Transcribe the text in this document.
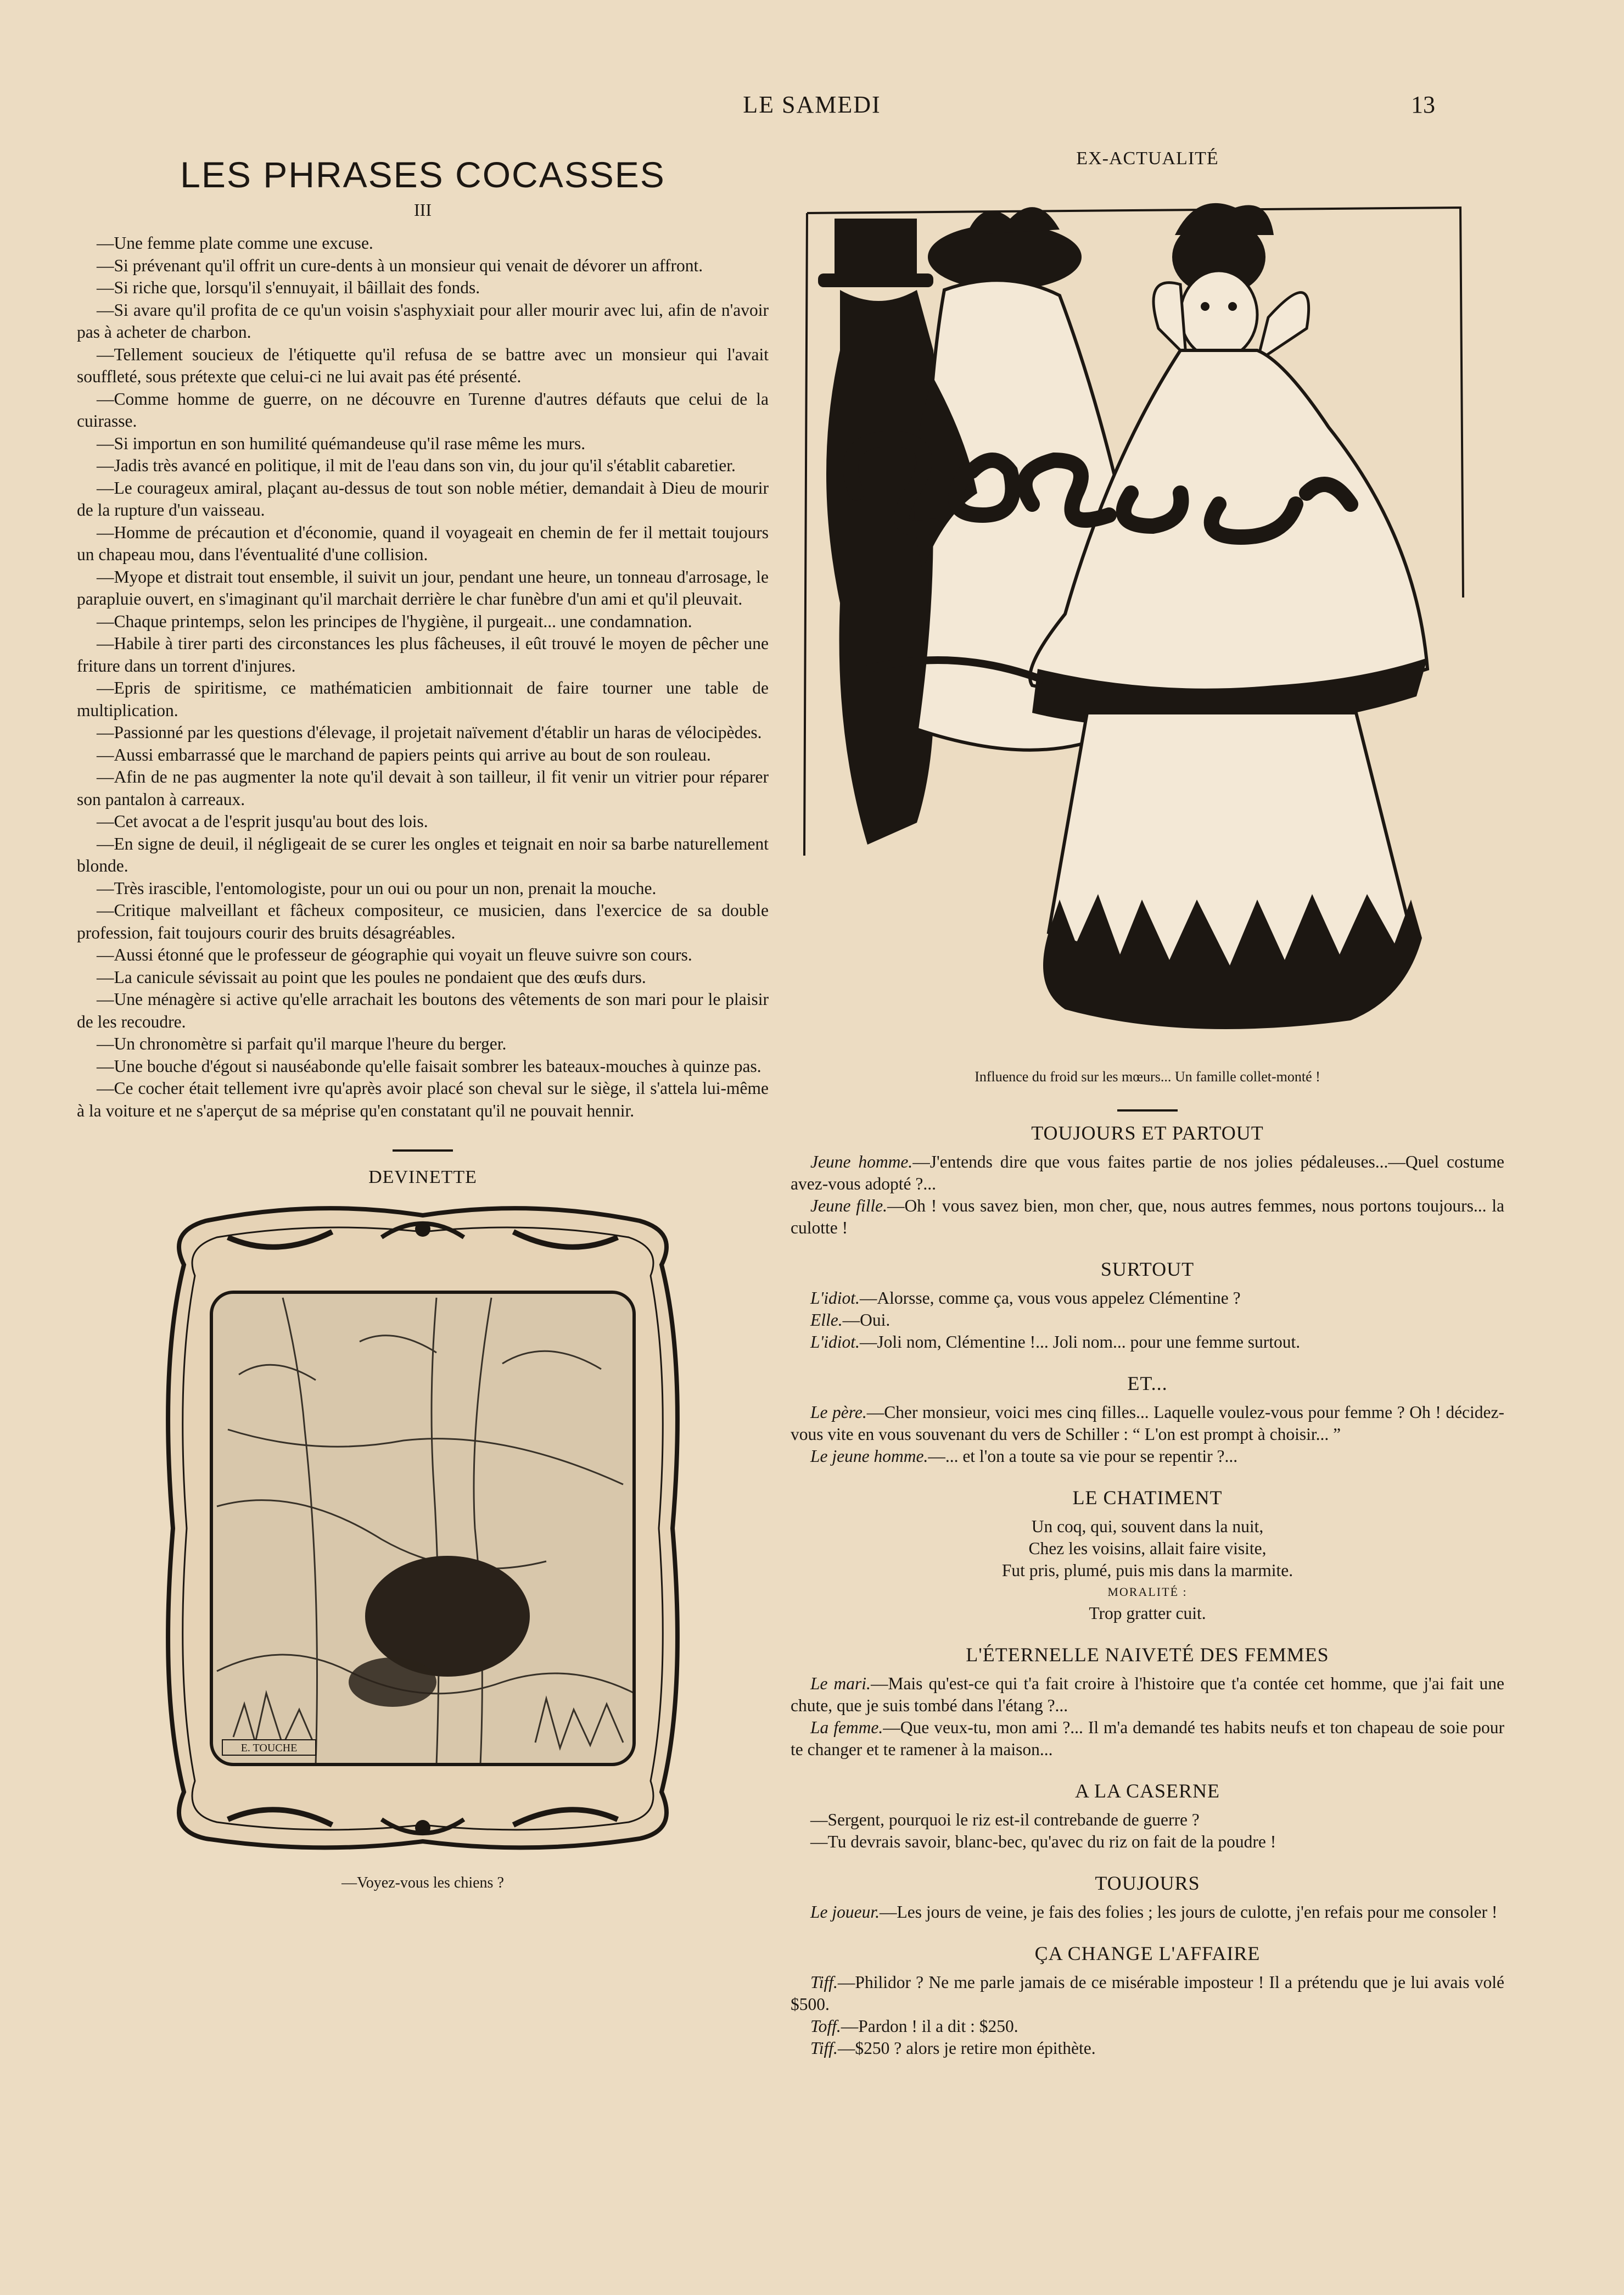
LE SAMEDI	13
LES PHRASES COCASSES
III

—Une femme plate comme une excuse.

—Si prévenant qu'il offrit un cure-dents à un monsieur qui venait de dévorer un affront.

—Si riche que, lorsqu'il s'ennuyait, il bâillait des fonds.

—Si avare qu'il profita de ce qu'un voisin s'asphyxiait pour aller mourir avec lui, afin de n'avoir pas à acheter de charbon.

—Tellement soucieux de l'étiquette qu'il refusa de se battre avec un monsieur qui l'avait souffleté, sous prétexte que celui-ci ne lui avait pas été présenté.

—Comme homme de guerre, on ne découvre en Turenne d'autres défauts que celui de la cuirasse.

—Si importun en son humilité quémandeuse qu'il rase même les murs.

—Jadis très avancé en politique, il mit de l'eau dans son vin, du jour qu'il s'établit cabaretier.

—Le courageux amiral, plaçant au-dessus de tout son noble métier, demandait à Dieu de mourir de la rupture d'un vaisseau.

—Homme de précaution et d'économie, quand il voyageait en chemin de fer il mettait toujours un chapeau mou, dans l'éventualité d'une collision.

—Myope et distrait tout ensemble, il suivit un jour, pendant une heure, un tonneau d'arrosage, le parapluie ouvert, en s'imaginant qu'il marchait derrière le char funèbre d'un ami et qu'il pleuvait.

—Chaque printemps, selon les principes de l'hygiène, il purgeait... une condamnation.

—Habile à tirer parti des circonstances les plus fâcheuses, il eût trouvé le moyen de pêcher une friture dans un torrent d'injures.

—Epris de spiritisme, ce mathématicien ambitionnait de faire tourner une table de multiplication.

—Passionné par les questions d'élevage, il projetait naïvement d'établir un haras de vélocipèdes.

—Aussi embarrassé que le marchand de papiers peints qui arrive au bout de son rouleau.

—Afin de ne pas augmenter la note qu'il devait à son tailleur, il fit venir un vitrier pour réparer son pantalon à carreaux.

—Cet avocat a de l'esprit jusqu'au bout des lois.

—En signe de deuil, il négligeait de se curer les ongles et teignait en noir sa barbe naturellement blonde.

—Très irascible, l'entomologiste, pour un oui ou pour un non, prenait la mouche.

—Critique malveillant et fâcheux compositeur, ce musicien, dans l'exercice de sa double profession, fait toujours courir des bruits désagréables.

—Aussi étonné que le professeur de géographie qui voyait un fleuve suivre son cours.

—La canicule sévissait au point que les poules ne pondaient que des œufs durs.

—Une ménagère si active qu'elle arrachait les boutons des vêtements de son mari pour le plaisir de les recoudre.

—Un chronomètre si parfait qu'il marque l'heure du berger.

—Une bouche d'égout si nauséabonde qu'elle faisait sombrer les bateaux-mouches à quinze pas.

—Ce cocher était tellement ivre qu'après avoir placé son cheval sur le siège, il s'attela lui-même à la voiture et ne s'aperçut de sa méprise qu'en constatant qu'il ne pouvait hennir.

DEVINETTE
E. TOUCHE
—Voyez-vous les chiens ?
EX-ACTUALITÉ
Influence du froid sur les mœurs... Un famille collet-monté !
TOUJOURS ET PARTOUT

Jeune homme.—J'entends dire que vous faites partie de nos jolies pédaleuses...—Quel costume avez-vous adopté ?...

Jeune fille.—Oh ! vous savez bien, mon cher, que, nous autres femmes, nous portons toujours... la culotte !

SURTOUT

L'idiot.—Alorsse, comme ça, vous vous appelez Clémentine ?

Elle.—Oui.

L'idiot.—Joli nom, Clémentine !... Joli nom... pour une femme surtout.

ET...

Le père.—Cher monsieur, voici mes cinq filles... Laquelle voulez-vous pour femme ? Oh ! décidez-vous vite en vous souvenant du vers de Schiller : “ L'on est prompt à choisir... ”

Le jeune homme.—... et l'on a toute sa vie pour se repentir ?...

LE CHATIMENT

Un coq, qui, souvent dans la nuit,

Chez les voisins, allait faire visite,

Fut pris, plumé, puis mis dans la marmite.

MORALITÉ :

Trop gratter cuit.

L'ÉTERNELLE NAIVETÉ DES FEMMES

Le mari.—Mais qu'est-ce qui t'a fait croire à l'histoire que t'a contée cet homme, que j'ai fait une chute, que je suis tombé dans l'étang ?...

La femme.—Que veux-tu, mon ami ?... Il m'a demandé tes habits neufs et ton chapeau de soie pour te changer et te ramener à la maison...

A LA CASERNE

—Sergent, pourquoi le riz est-il contrebande de guerre ?

—Tu devrais savoir, blanc-bec, qu'avec du riz on fait de la poudre !

TOUJOURS

Le joueur.—Les jours de veine, je fais des folies ; les jours de culotte, j'en refais pour me consoler !

ÇA CHANGE L'AFFAIRE

Tiff.—Philidor ? Ne me parle jamais de ce misérable imposteur ! Il a prétendu que je lui avais volé $500.

Toff.—Pardon ! il a dit : $250.

Tiff.—$250 ? alors je retire mon épithète.
